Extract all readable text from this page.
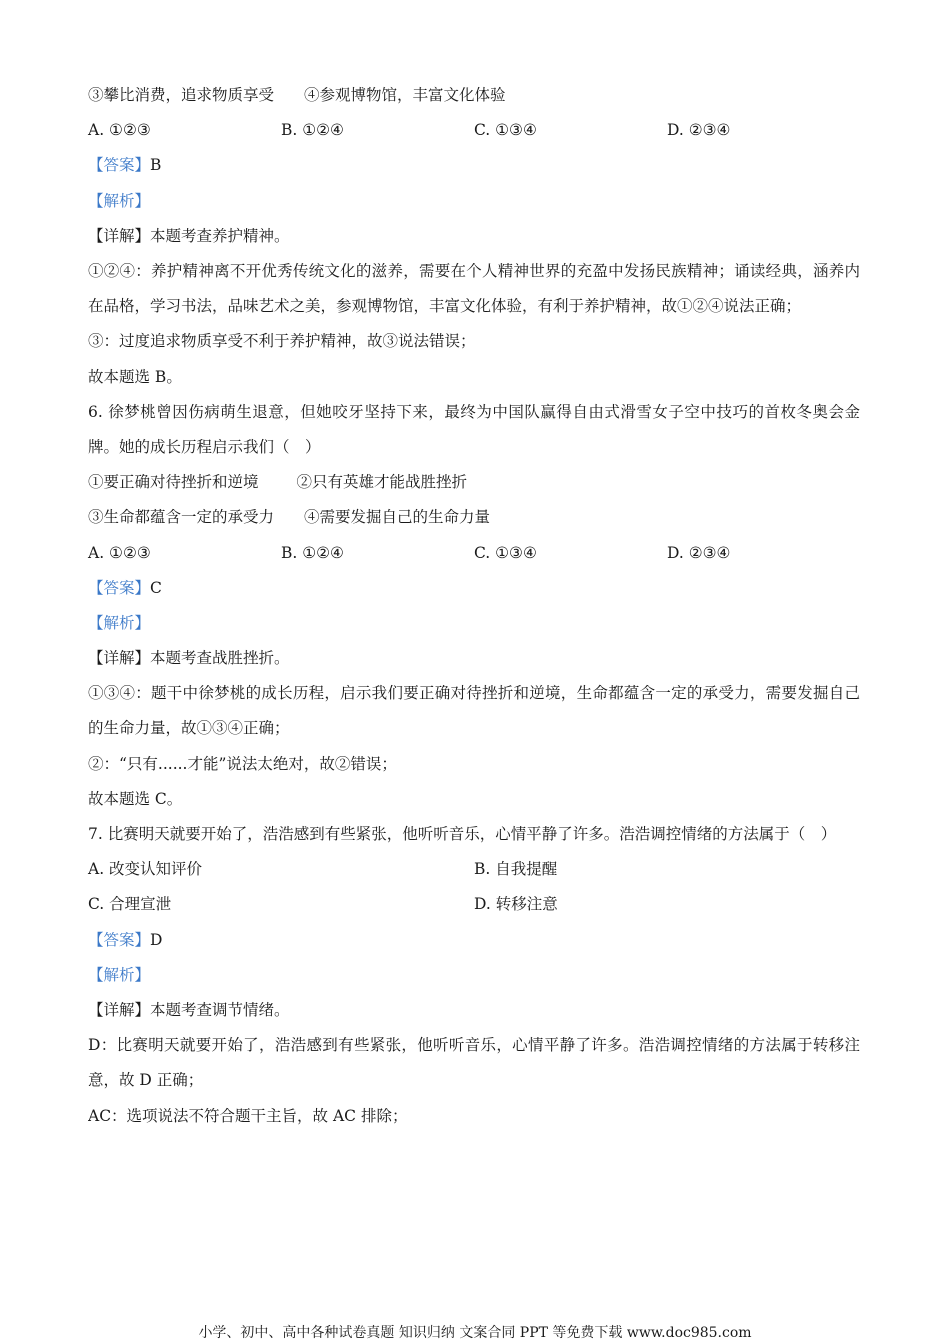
③攀比消费，追求物质享受 ④参观博物馆，丰富文化体验
A. ①②③	B. ①②④	C. ①③④	D. ②③④
【答案】B
【解析】
【详解】本题考查养护精神。
①②④：养护精神离不开优秀传统文化的滋养，需要在个人精神世界的充盈中发扬民族精神；诵读经典，涵养内在品格，学习书法，品味艺术之美，参观博物馆，丰富文化体验，有利于养护精神，故①②④说法正确；
③：过度追求物质享受不利于养护精神，故③说法错误；
故本题选 B。
6. 徐梦桃曾因伤病萌生退意，但她咬牙坚持下来，最终为中国队赢得自由式滑雪女子空中技巧的首枚冬奥会金牌。她的成长历程启示我们（　）
①要正确对待挫折和逆境 ②只有英雄才能战胜挫折
③生命都蕴含一定的承受力 ④需要发掘自己的生命力量
A. ①②③	B. ①②④	C. ①③④	D. ②③④
【答案】C
【解析】
【详解】本题考查战胜挫折。
①③④：题干中徐梦桃的成长历程，启示我们要正确对待挫折和逆境，生命都蕴含一定的承受力，需要发掘自己的生命力量，故①③④正确；
②：“只有......才能”说法太绝对，故②错误；
故本题选 C。
7. 比赛明天就要开始了，浩浩感到有些紧张，他听听音乐，心情平静了许多。浩浩调控情绪的方法属于（　）
A. 改变认知评价	B. 自我提醒
C. 合理宣泄	D. 转移注意
【答案】D
【解析】
【详解】本题考查调节情绪。
D：比赛明天就要开始了，浩浩感到有些紧张，他听听音乐，心情平静了许多。浩浩调控情绪的方法属于转移注意，故 D 正确；
AC：选项说法不符合题干主旨，故 AC 排除；
小学、初中、高中各种试卷真题 知识归纳 文案合同 PPT 等免费下载 www.doc985.com
